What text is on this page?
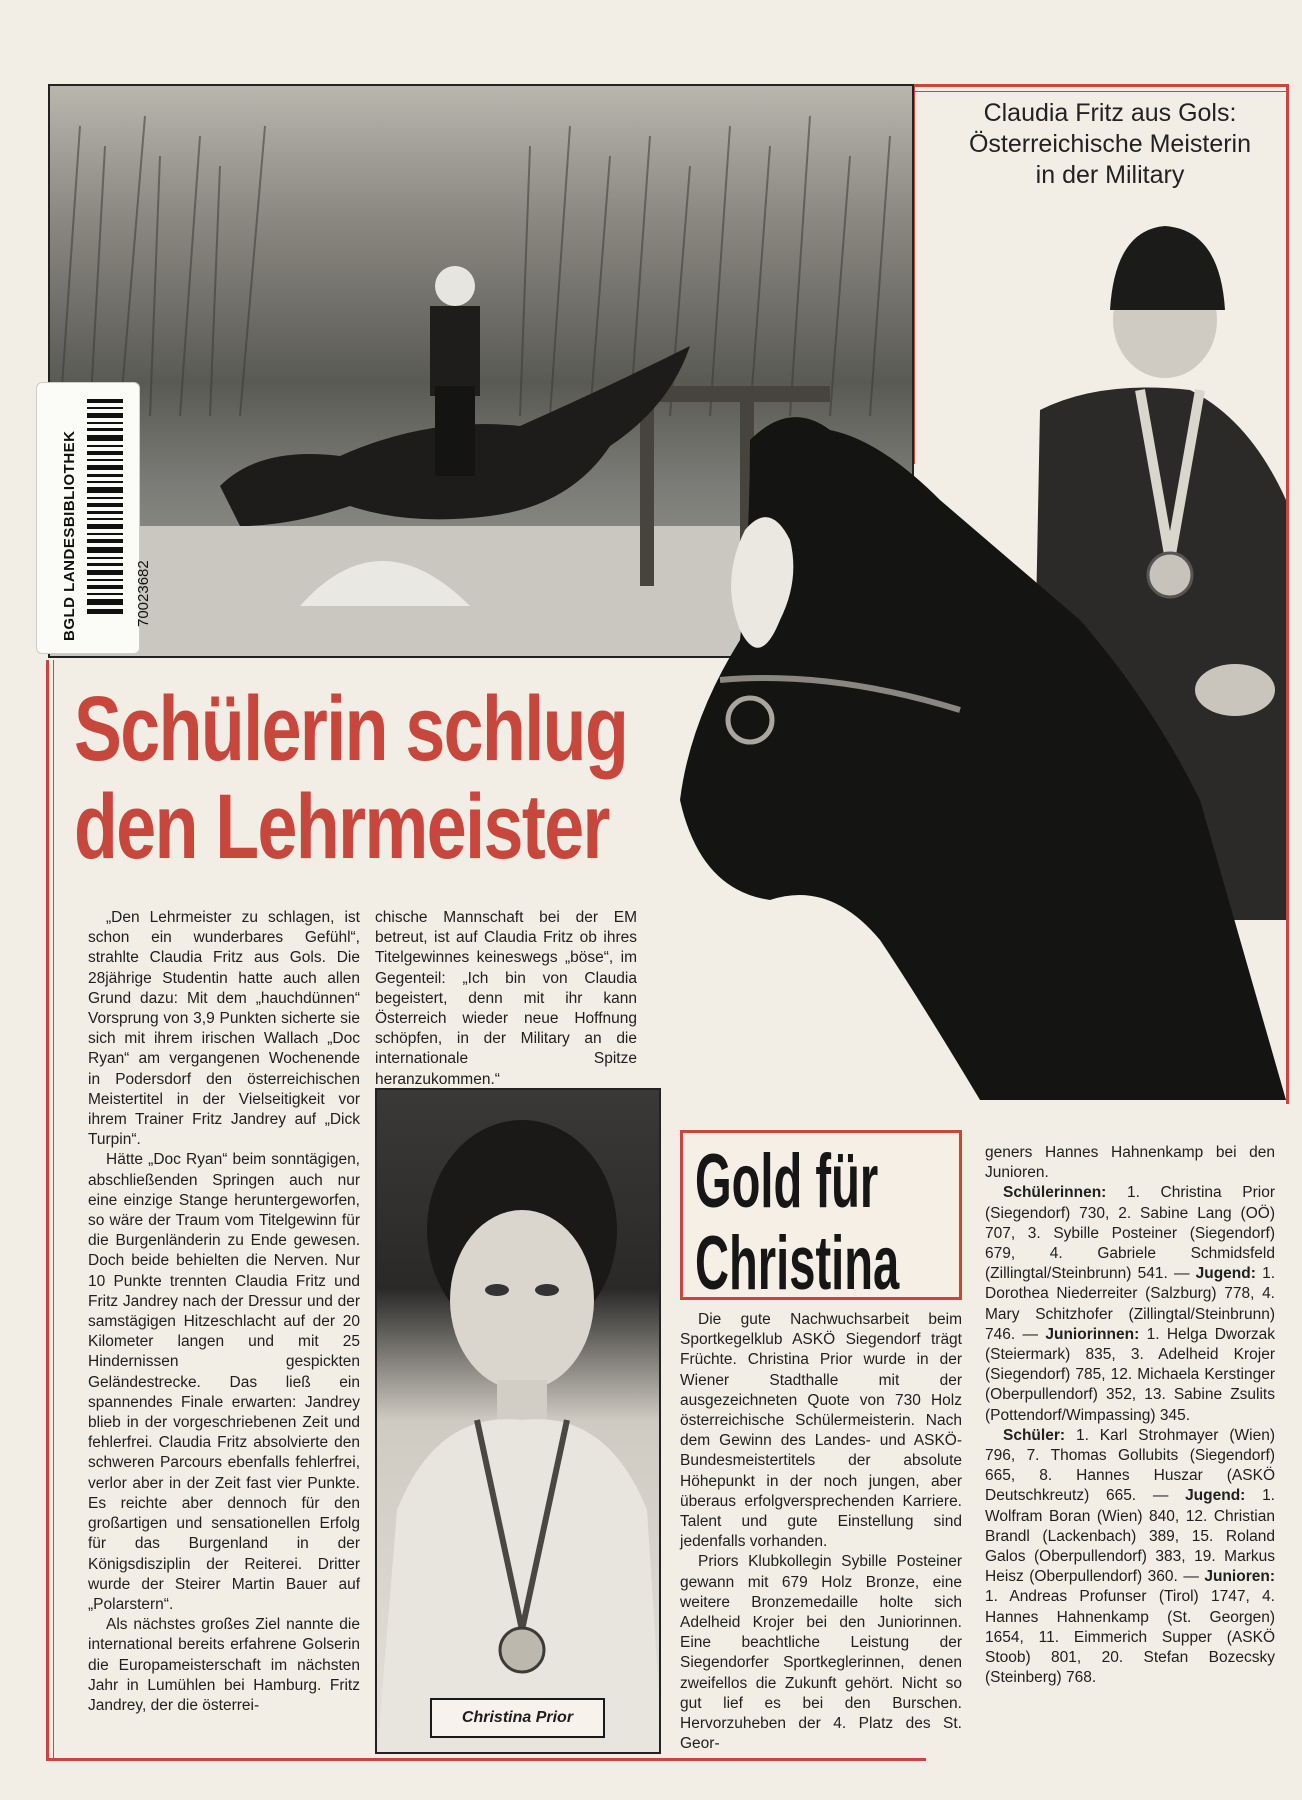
Claudia Fritz aus Gols:
Österreichische Meisterin
in der Military
BGLD LANDESBIBLIOTHEK	70023682
Schülerin schlug
den Lehrmeister

„Den Lehrmeister zu schlagen, ist schon ein wunderbares Gefühl“, strahlte Claudia Fritz aus Gols. Die 28jährige Studentin hatte auch allen Grund dazu: Mit dem „hauchdünnen“ Vorsprung von 3,9 Punkten sicherte sie sich mit ihrem irischen Wallach „Doc Ryan“ am vergangenen Wochenende in Podersdorf den österreichischen Meistertitel in der Vielseitigkeit vor ihrem Trainer Fritz Jandrey auf „Dick Turpin“.

Hätte „Doc Ryan“ beim sonntägigen, abschließenden Springen auch nur eine einzige Stange heruntergeworfen, so wäre der Traum vom Titelgewinn für die Burgenländerin zu Ende gewesen. Doch beide behielten die Nerven. Nur 10 Punkte trennten Claudia Fritz und Fritz Jandrey nach der Dressur und der samstägigen Hitzeschlacht auf der 20 Kilometer langen und mit 25 Hindernissen gespickten Geländestrecke. Das ließ ein spannendes Finale erwarten: Jandrey blieb in der vorgeschriebenen Zeit und fehlerfrei. Claudia Fritz absolvierte den schweren Parcours ebenfalls fehlerfrei, verlor aber in der Zeit fast vier Punkte. Es reichte aber dennoch für den großartigen und sensationellen Erfolg für das Burgenland in der Königsdisziplin der Reiterei. Dritter wurde der Steirer Martin Bauer auf „Polarstern“.

Als nächstes großes Ziel nannte die international bereits erfahrene Golserin die Europameisterschaft im nächsten Jahr in Lumühlen bei Hamburg. Fritz Jandrey, der die österrei-

chische Mannschaft bei der EM betreut, ist auf Claudia Fritz ob ihres Titelgewinnes keineswegs „böse“, im Gegenteil: „Ich bin von Claudia begeistert, denn mit ihr kann Österreich wieder neue Hoffnung schöpfen, in der Military an die internationale Spitze heranzukommen.“

Christina Prior
Gold für
Christina

Die gute Nachwuchsarbeit beim Sportkegelklub ASKÖ Siegendorf trägt Früchte. Christina Prior wurde in der Wiener Stadthalle mit der ausgezeichneten Quote von 730 Holz österreichische Schülermeisterin. Nach dem Gewinn des Landes- und ASKÖ-Bundesmeistertitels der absolute Höhepunkt in der noch jungen, aber überaus erfolgversprechenden Karriere. Talent und gute Einstellung sind jedenfalls vorhanden.

Priors Klubkollegin Sybille Posteiner gewann mit 679 Holz Bronze, eine weitere Bronzemedaille holte sich Adelheid Krojer bei den Juniorinnen. Eine beachtliche Leistung der Siegendorfer Sportkeglerinnen, denen zweifellos die Zukunft gehört. Nicht so gut lief es bei den Burschen. Hervorzuheben der 4. Platz des St. Geor-

geners Hannes Hahnenkamp bei den Junioren.

Schülerinnen: 1. Christina Prior (Siegendorf) 730, 2. Sabine Lang (OÖ) 707, 3. Sybille Posteiner (Siegendorf) 679, 4. Gabriele Schmidsfeld (Zillingtal/Steinbrunn) 541. — Jugend: 1. Dorothea Niederreiter (Salzburg) 778, 4. Mary Schitzhofer (Zillingtal/Steinbrunn) 746. — Juniorinnen: 1. Helga Dworzak (Steiermark) 835, 3. Adelheid Krojer (Siegendorf) 785, 12. Michaela Kerstinger (Oberpullendorf) 352, 13. Sabine Zsulits (Pottendorf/Wimpassing) 345.

Schüler: 1. Karl Strohmayer (Wien) 796, 7. Thomas Gollubits (Siegendorf) 665, 8. Hannes Huszar (ASKÖ Deutschkreutz) 665. — Jugend: 1. Wolfram Boran (Wien) 840, 12. Christian Brandl (Lackenbach) 389, 15. Roland Galos (Oberpullendorf) 383, 19. Markus Heisz (Oberpullendorf) 360. — Junioren: 1. Andreas Profunser (Tirol) 1747, 4. Hannes Hahnenkamp (St. Georgen) 1654, 11. Eimmerich Supper (ASKÖ Stoob) 801, 20. Stefan Bozecsky (Steinberg) 768.
